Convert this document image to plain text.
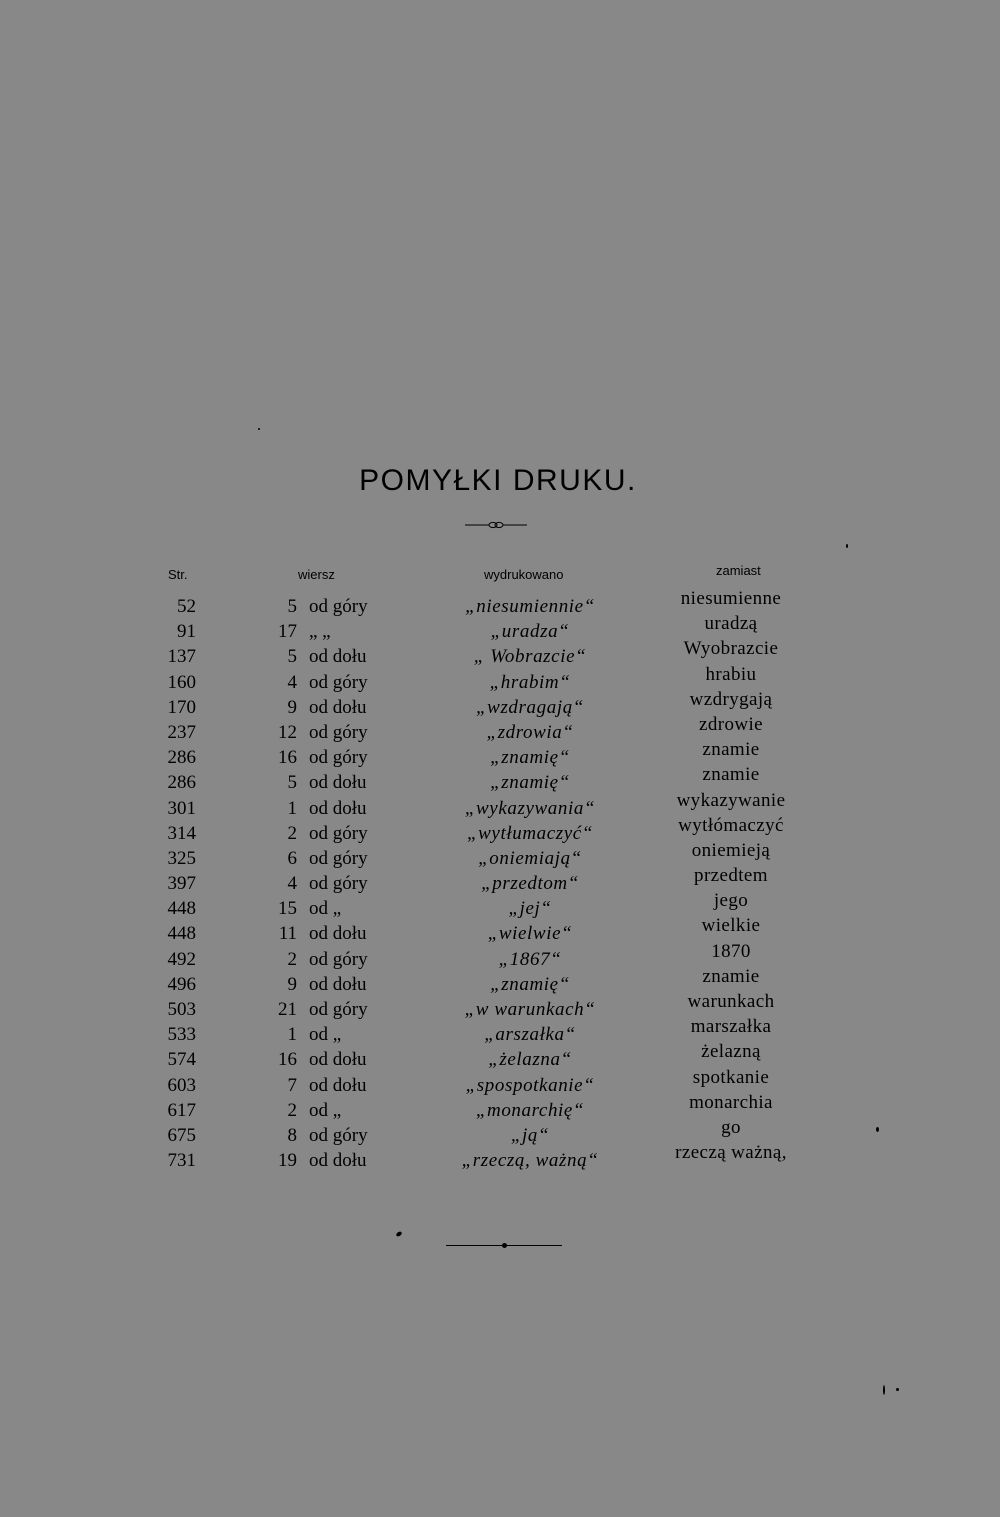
POMYŁKI DRUKU.
Str.	wiersz	wydrukowano	zamiast
52	5 od góry	„niesumiennie“	niesumienne
91	17 „ „	„uradza“	uradzą
137	5 od dołu	„ Wobrazcie“	Wyobrazcie
160	4 od góry	„hrabim“	hrabiu
170	9 od dołu	„wzdragają“	wzdrygają
237	12 od góry	„zdrowia“	zdrowie
286	16 od góry	„znamię“	znamie
286	5 od dołu	„znamię“	znamie
301	1 od dołu	„wykazywania“	wykazywanie
314	2 od góry	„wytłumaczyć“	wytłómaczyć
325	6 od góry	„oniemiają“	oniemieją
397	4 od góry	„przedtom“	przedtem
448	15 od „	„jej“	jego
448	11 od dołu	„wielwie“	wielkie
492	2 od góry	„1867“	1870
496	9 od dołu	„znamię“	znamie
503	21 od góry	„w warunkach“	warunkach
533	1 od „	„arszałka“	marszałka
574	16 od dołu	„żelazna“	żelazną
603	7 od dołu	„spospotkanie“	spotkanie
617	2 od „	„monarchię“	monarchia
675	8 od góry	„ją“	go
731	19 od dołu	„rzeczą, ważną“	rzeczą ważną,
